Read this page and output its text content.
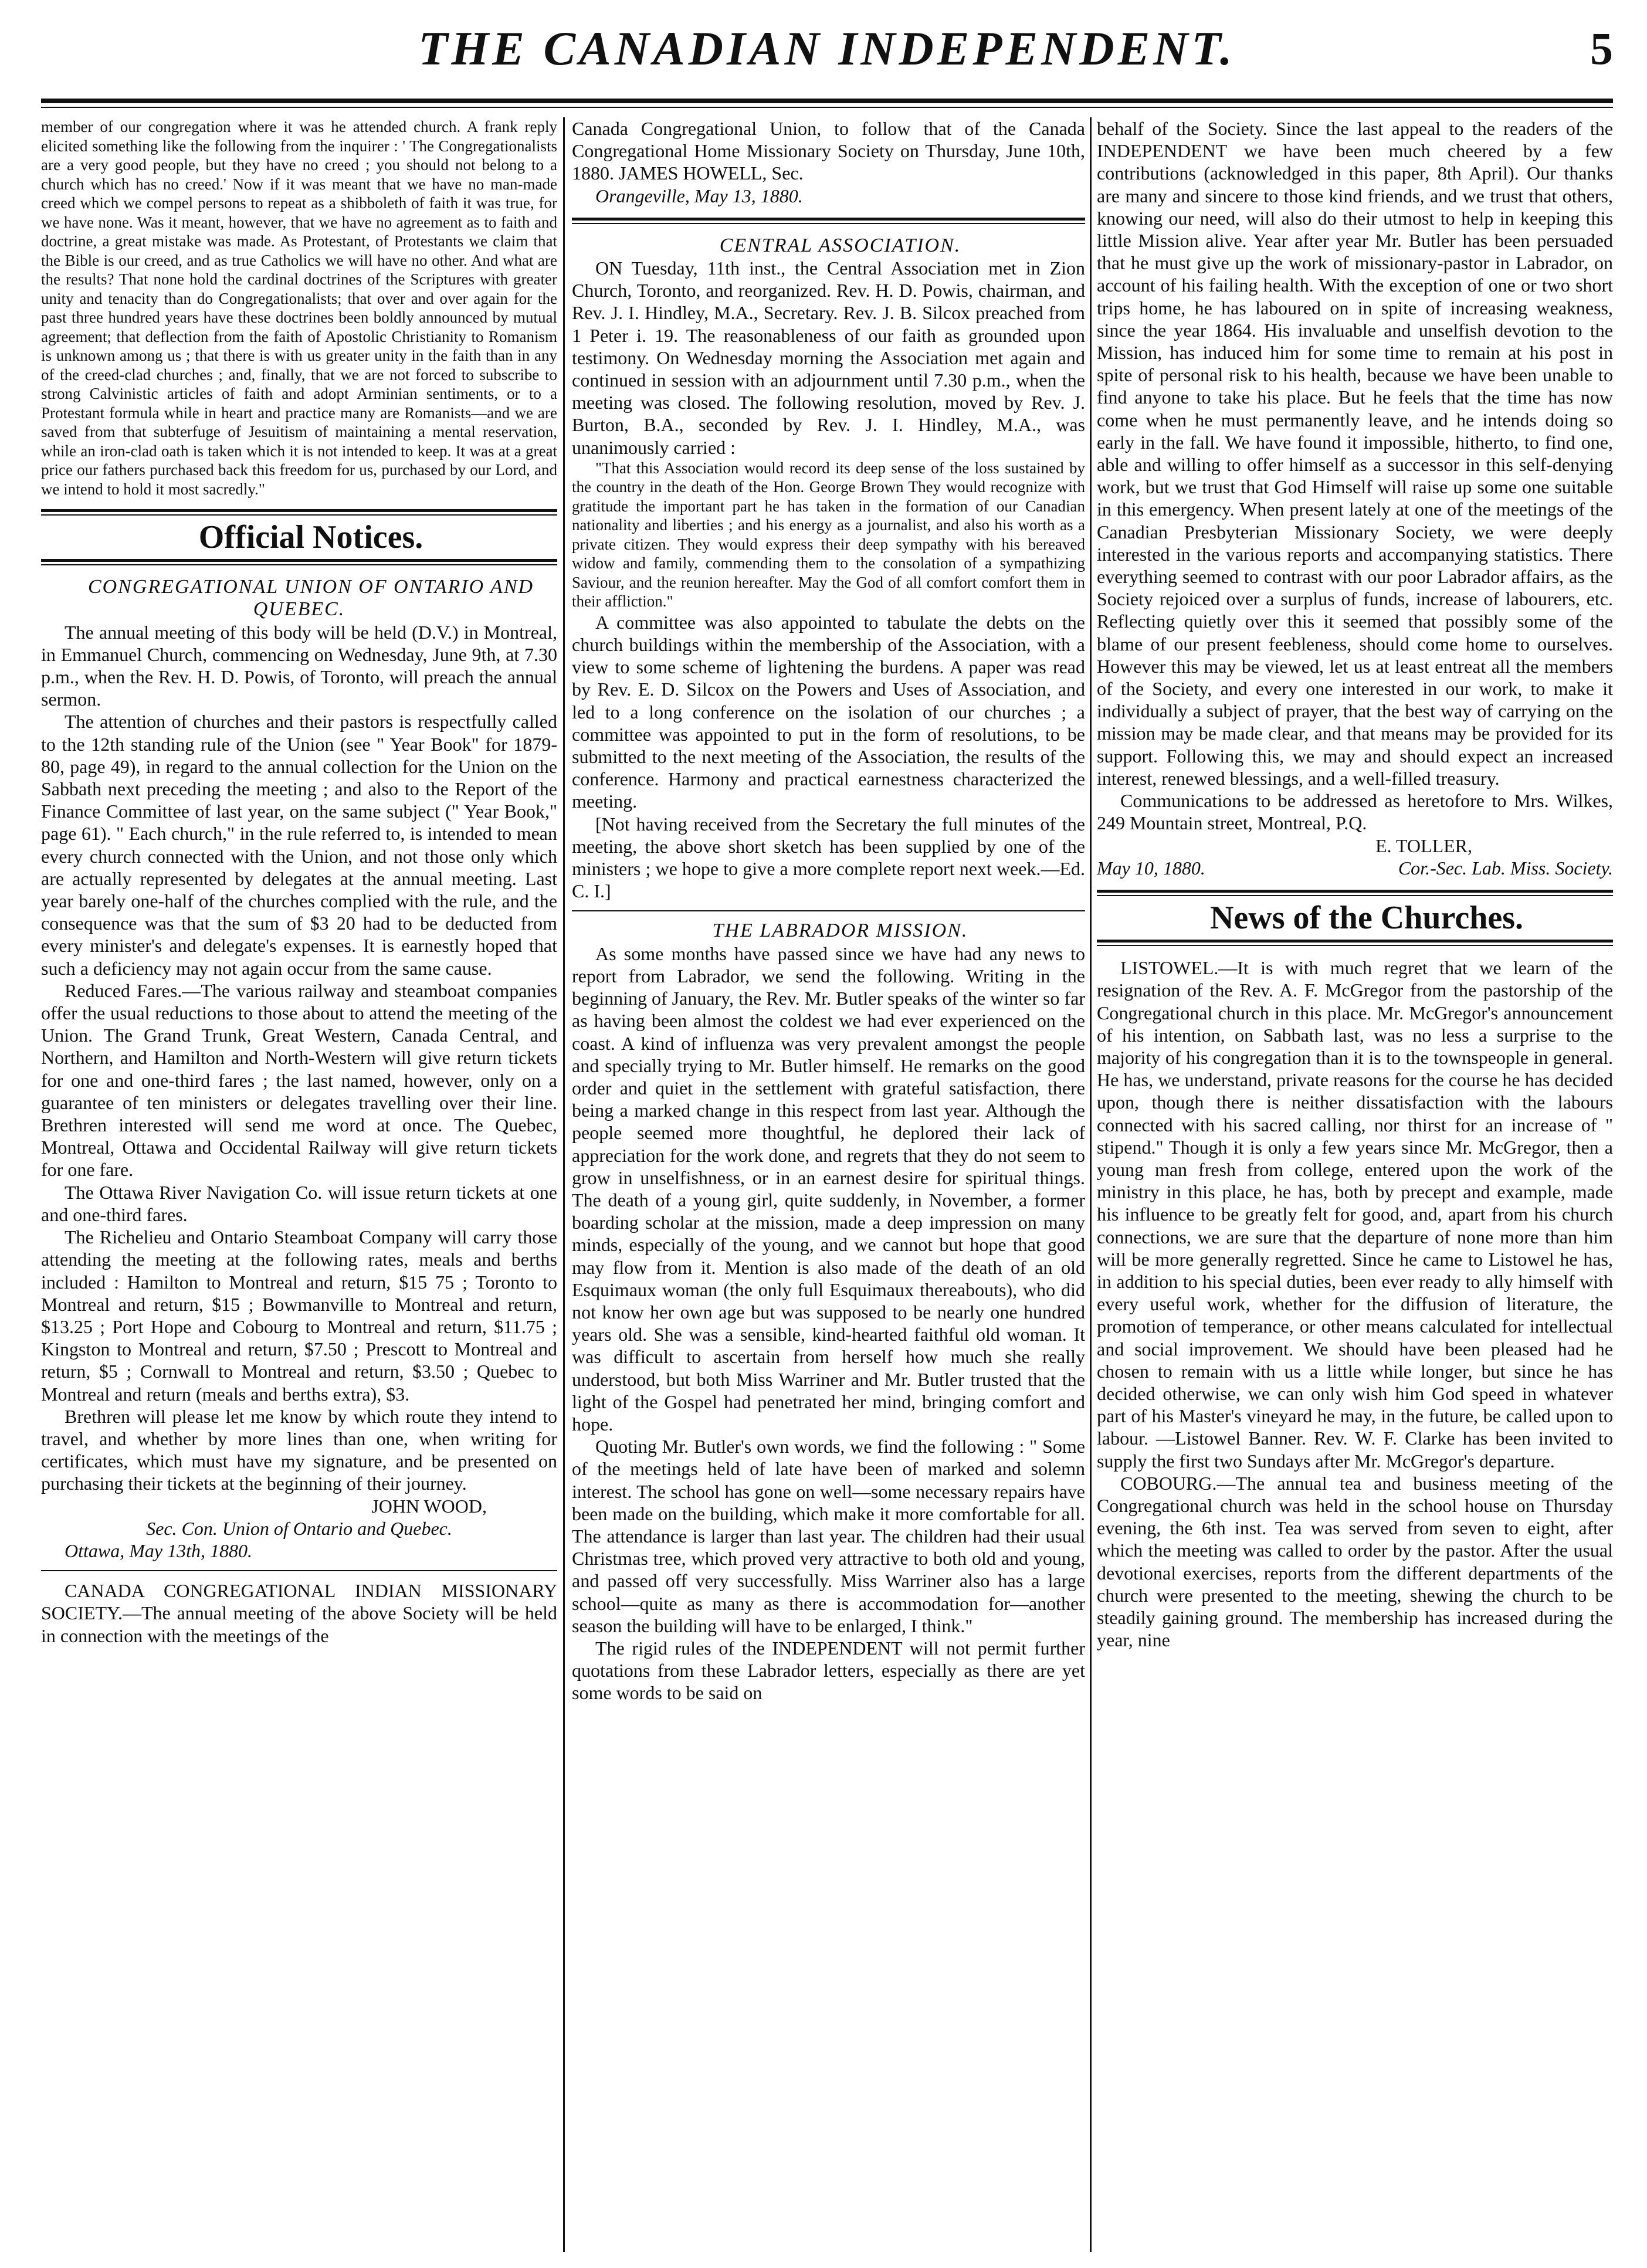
THE CANADIAN INDEPENDENT.	5

member of our congregation where it was he attended church. A frank reply elicited something like the following from the inquirer : ' The Congregationalists are a very good people, but they have no creed ; you should not belong to a church which has no creed.' Now if it was meant that we have no man-made creed which we compel persons to repeat as a shibboleth of faith it was true, for we have none. Was it meant, however, that we have no agreement as to faith and doctrine, a great mistake was made. As Protestant, of Protestants we claim that the Bible is our creed, and as true Catholics we will have no other. And what are the results? That none hold the cardinal doctrines of the Scriptures with greater unity and tenacity than do Congregationalists; that over and over again for the past three hundred years have these doctrines been boldly announced by mutual agreement; that deflection from the faith of Apostolic Christianity to Romanism is unknown among us ; that there is with us greater unity in the faith than in any of the creed-clad churches ; and, finally, that we are not forced to subscribe to strong Calvinistic articles of faith and adopt Arminian sentiments, or to a Protestant formula while in heart and practice many are Romanists—and we are saved from that subterfuge of Jesuitism of maintaining a mental reservation, while an iron-clad oath is taken which it is not intended to keep. It was at a great price our fathers purchased back this freedom for us, purchased by our Lord, and we intend to hold it most sacredly."

Official Notices.

CONGREGATIONAL UNION OF ONTARIO AND QUEBEC.

The annual meeting of this body will be held (D.V.) in Montreal, in Emmanuel Church, commencing on Wednesday, June 9th, at 7.30 p.m., when the Rev. H. D. Powis, of Toronto, will preach the annual sermon.

The attention of churches and their pastors is respectfully called to the 12th standing rule of the Union (see " Year Book" for 1879-80, page 49), in regard to the annual collection for the Union on the Sabbath next preceding the meeting ; and also to the Report of the Finance Committee of last year, on the same subject (" Year Book," page 61). " Each church," in the rule referred to, is intended to mean every church connected with the Union, and not those only which are actually represented by delegates at the annual meeting. Last year barely one-half of the churches complied with the rule, and the consequence was that the sum of $3 20 had to be deducted from every minister's and delegate's expenses. It is earnestly hoped that such a deficiency may not again occur from the same cause.

Reduced Fares.—The various railway and steamboat companies offer the usual reductions to those about to attend the meeting of the Union. The Grand Trunk, Great Western, Canada Central, and Northern, and Hamilton and North-Western will give return tickets for one and one-third fares ; the last named, however, only on a guarantee of ten ministers or delegates travelling over their line. Brethren interested will send me word at once. The Quebec, Montreal, Ottawa and Occidental Railway will give return tickets for one fare.

The Ottawa River Navigation Co. will issue return tickets at one and one-third fares.

The Richelieu and Ontario Steamboat Company will carry those attending the meeting at the following rates, meals and berths included : Hamilton to Montreal and return, $15 75 ; Toronto to Montreal and return, $15 ; Bowmanville to Montreal and return, $13.25 ; Port Hope and Cobourg to Montreal and return, $11.75 ; Kingston to Montreal and return, $7.50 ; Prescott to Montreal and return, $5 ; Cornwall to Montreal and return, $3.50 ; Quebec to Montreal and return (meals and berths extra), $3.

Brethren will please let me know by which route they intend to travel, and whether by more lines than one, when writing for certificates, which must have my signature, and be presented on purchasing their tickets at the beginning of their journey.

JOHN WOOD,

Sec. Con. Union of Ontario and Quebec.

Ottawa, May 13th, 1880.

CANADA CONGREGATIONAL INDIAN MISSIONARY SOCIETY.—The annual meeting of the above Society will be held in connection with the meetings of the

Canada Congregational Union, to follow that of the Canada Congregational Home Missionary Society on Thursday, June 10th, 1880. JAMES HOWELL, Sec.

Orangeville, May 13, 1880.

CENTRAL ASSOCIATION.

ON Tuesday, 11th inst., the Central Association met in Zion Church, Toronto, and reorganized. Rev. H. D. Powis, chairman, and Rev. J. I. Hindley, M.A., Secretary. Rev. J. B. Silcox preached from 1 Peter i. 19. The reasonableness of our faith as grounded upon testimony. On Wednesday morning the Association met again and continued in session with an adjournment until 7.30 p.m., when the meeting was closed. The following resolution, moved by Rev. J. Burton, B.A., seconded by Rev. J. I. Hindley, M.A., was unanimously carried :

"That this Association would record its deep sense of the loss sustained by the country in the death of the Hon. George Brown They would recognize with gratitude the important part he has taken in the formation of our Canadian nationality and liberties ; and his energy as a journalist, and also his worth as a private citizen. They would express their deep sympathy with his bereaved widow and family, commending them to the consolation of a sympathizing Saviour, and the reunion hereafter. May the God of all comfort comfort them in their affliction."

A committee was also appointed to tabulate the debts on the church buildings within the membership of the Association, with a view to some scheme of lightening the burdens. A paper was read by Rev. E. D. Silcox on the Powers and Uses of Association, and led to a long conference on the isolation of our churches ; a committee was appointed to put in the form of resolutions, to be submitted to the next meeting of the Association, the results of the conference. Harmony and practical earnestness characterized the meeting.

[Not having received from the Secretary the full minutes of the meeting, the above short sketch has been supplied by one of the ministers ; we hope to give a more complete report next week.—Ed. C. I.]

THE LABRADOR MISSION.

As some months have passed since we have had any news to report from Labrador, we send the following. Writing in the beginning of January, the Rev. Mr. Butler speaks of the winter so far as having been almost the coldest we had ever experienced on the coast. A kind of influenza was very prevalent amongst the people and specially trying to Mr. Butler himself. He remarks on the good order and quiet in the settlement with grateful satisfaction, there being a marked change in this respect from last year. Although the people seemed more thoughtful, he deplored their lack of appreciation for the work done, and regrets that they do not seem to grow in unselfishness, or in an earnest desire for spiritual things. The death of a young girl, quite suddenly, in November, a former boarding scholar at the mission, made a deep impression on many minds, especially of the young, and we cannot but hope that good may flow from it. Mention is also made of the death of an old Esquimaux woman (the only full Esquimaux thereabouts), who did not know her own age but was supposed to be nearly one hundred years old. She was a sensible, kind-hearted faithful old woman. It was difficult to ascertain from herself how much she really understood, but both Miss Warriner and Mr. Butler trusted that the light of the Gospel had penetrated her mind, bringing comfort and hope.

Quoting Mr. Butler's own words, we find the following : " Some of the meetings held of late have been of marked and solemn interest. The school has gone on well—some necessary repairs have been made on the building, which make it more comfortable for all. The attendance is larger than last year. The children had their usual Christmas tree, which proved very attractive to both old and young, and passed off very successfully. Miss Warriner also has a large school—quite as many as there is accommodation for—another season the building will have to be enlarged, I think."

The rigid rules of the INDEPENDENT will not permit further quotations from these Labrador letters, especially as there are yet some words to be said on

behalf of the Society. Since the last appeal to the readers of the INDEPENDENT we have been much cheered by a few contributions (acknowledged in this paper, 8th April). Our thanks are many and sincere to those kind friends, and we trust that others, knowing our need, will also do their utmost to help in keeping this little Mission alive. Year after year Mr. Butler has been persuaded that he must give up the work of missionary-pastor in Labrador, on account of his failing health. With the exception of one or two short trips home, he has laboured on in spite of increasing weakness, since the year 1864. His invaluable and unselfish devotion to the Mission, has induced him for some time to remain at his post in spite of personal risk to his health, because we have been unable to find anyone to take his place. But he feels that the time has now come when he must permanently leave, and he intends doing so early in the fall. We have found it impossible, hitherto, to find one, able and willing to offer himself as a successor in this self-denying work, but we trust that God Himself will raise up some one suitable in this emergency. When present lately at one of the meetings of the Canadian Presbyterian Missionary Society, we were deeply interested in the various reports and accompanying statistics. There everything seemed to contrast with our poor Labrador affairs, as the Society rejoiced over a surplus of funds, increase of labourers, etc. Reflecting quietly over this it seemed that possibly some of the blame of our present feebleness, should come home to ourselves. However this may be viewed, let us at least entreat all the members of the Society, and every one interested in our work, to make it individually a subject of prayer, that the best way of carrying on the mission may be made clear, and that means may be provided for its support. Following this, we may and should expect an increased interest, renewed blessings, and a well-filled treasury.

Communications to be addressed as heretofore to Mrs. Wilkes, 249 Mountain street, Montreal, P.Q.

E. TOLLER,

May 10, 1880.	Cor.-Sec. Lab. Miss. Society.

News of the Churches.

LISTOWEL.—It is with much regret that we learn of the resignation of the Rev. A. F. McGregor from the pastorship of the Congregational church in this place. Mr. McGregor's announcement of his intention, on Sabbath last, was no less a surprise to the majority of his congregation than it is to the townspeople in general. He has, we understand, private reasons for the course he has decided upon, though there is neither dissatisfaction with the labours connected with his sacred calling, nor thirst for an increase of " stipend." Though it is only a few years since Mr. McGregor, then a young man fresh from college, entered upon the work of the ministry in this place, he has, both by precept and example, made his influence to be greatly felt for good, and, apart from his church connections, we are sure that the departure of none more than him will be more generally regretted. Since he came to Listowel he has, in addition to his special duties, been ever ready to ally himself with every useful work, whether for the diffusion of literature, the promotion of temperance, or other means calculated for intellectual and social improvement. We should have been pleased had he chosen to remain with us a little while longer, but since he has decided otherwise, we can only wish him God speed in whatever part of his Master's vineyard he may, in the future, be called upon to labour. —Listowel Banner. Rev. W. F. Clarke has been invited to supply the first two Sundays after Mr. McGregor's departure.

COBOURG.—The annual tea and business meeting of the Congregational church was held in the school house on Thursday evening, the 6th inst. Tea was served from seven to eight, after which the meeting was called to order by the pastor. After the usual devotional exercises, reports from the different departments of the church were presented to the meeting, shewing the church to be steadily gaining ground. The membership has increased during the year, nine
